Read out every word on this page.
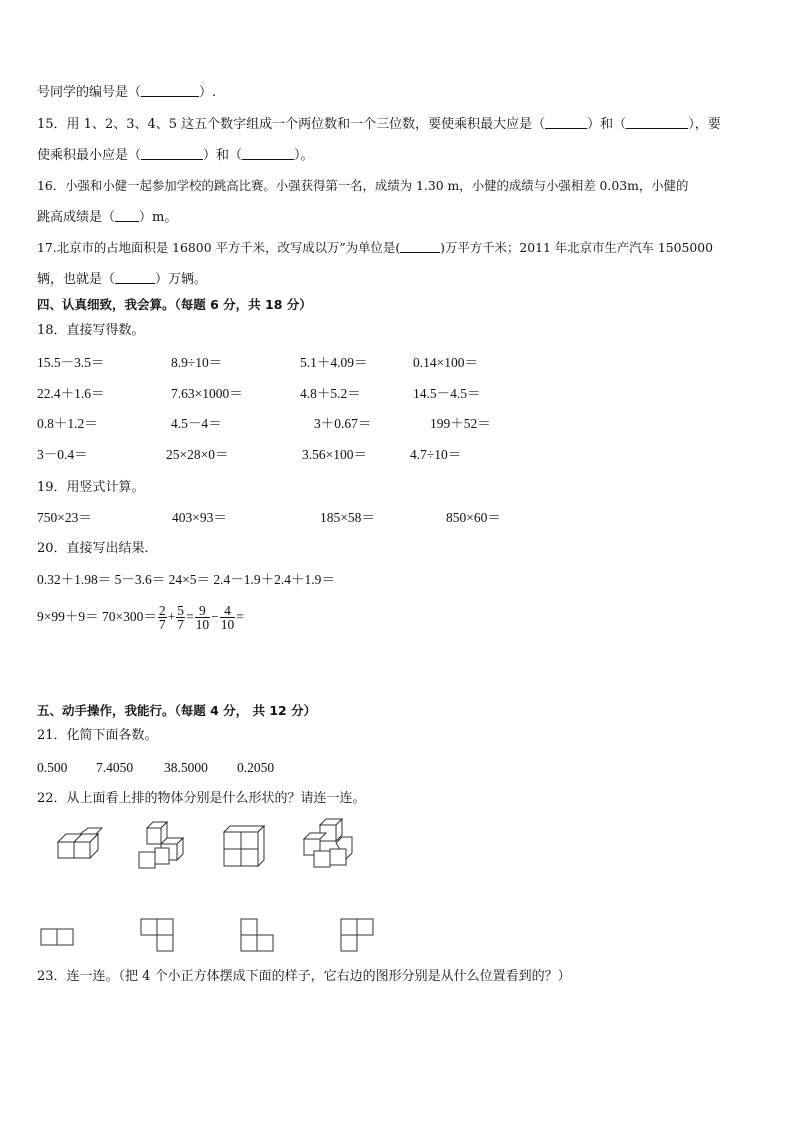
号同学的编号是（	）.
15．用 1、2、3、4、5 这五个数字组成一个两位数和一个三位数，要使乘积最大应是（	）和（	），要
使乘积最小应是（	）和（	）。
16．小强和小健一起参加学校的跳高比赛。小强获得第一名，成绩为 1.30 m，小健的成绩与小强相差 0.03m，小健的
跳高成绩是（ ）m。
17.北京市的占地面积是 16800 平方千米，改写成以万”为单位是(	)万平方千米；2011 年北京市生产汽车 1505000
辆，也就是（	）万辆。
四、认真细致，我会算。（每题 6 分，共 18 分）
18．直接写得数。
15.5－3.5＝	8.9÷10＝	5.1＋4.09＝	0.14×100＝
22.4＋1.6＝	7.63×1000＝	4.8＋5.2＝	14.5－4.5＝
0.8＋1.2＝	4.5－4＝	3＋0.67＝	199＋52＝
3－0.4＝	25×28×0＝	3.56×100＝	4.7÷10＝
19．用竖式计算。
750×23＝	403×93＝	185×58＝	850×60＝
20．直接写出结果．
0.32＋1.98＝ 5－3.6＝ 24×5＝ 2.4－1.9＋2.4＋1.9＝
$9\times 99+9= 70\times 300= \frac{2}{7} + \frac{5}{7} = \frac{9}{10} - \frac{4}{10}$ =
五、动手操作，我能行。（每题 4 分， 共 12 分）
21．化简下面各数。
0.500 7.4050 38.5000 0.2050
22．从上面看上排的物体分别是什么形状的？请连一连。
23．连一连。（把 4 个小正方体摆成下面的样子，它右边的图形分别是从什么位置看到的？）
